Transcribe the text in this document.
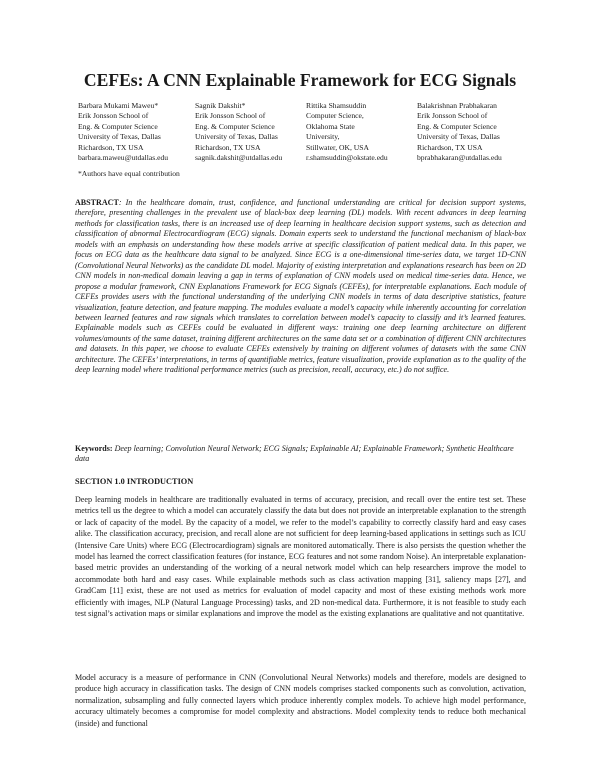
CEFEs: A CNN Explainable Framework for ECG Signals
Barbara Mukami Maweu*
Erik Jonsson School of
Eng. & Computer Science
University of Texas, Dallas
Richardson, TX USA
barbara.maweu@utdallas.edu
Sagnik Dakshit*
Erik Jonsson School of
Eng. & Computer Science
University of Texas, Dallas
Richardson, TX USA
sagnik.dakshit@utdallas.edu
Rittika Shamsuddin
Computer Science,
Oklahoma State
University,
Stillwater, OK, USA
r.shamsuddin@okstate.edu
Balakrishnan Prabhakaran
Erik Jonsson School of
Eng. & Computer Science
University of Texas, Dallas
Richardson, TX USA
bprabhakaran@utdallas.edu
*Authors have equal contribution
ABSTRACT: In the healthcare domain, trust, confidence, and functional understanding are critical for decision support systems, therefore, presenting challenges in the prevalent use of black-box deep learning (DL) models. With recent advances in deep learning methods for classification tasks, there is an increased use of deep learning in healthcare decision support systems, such as detection and classification of abnormal Electrocardiogram (ECG) signals. Domain experts seek to understand the functional mechanism of black-box models with an emphasis on understanding how these models arrive at specific classification of patient medical data. In this paper, we focus on ECG data as the healthcare data signal to be analyzed. Since ECG is a one-dimensional time-series data, we target 1D-CNN (Convolutional Neural Networks) as the candidate DL model. Majority of existing interpretation and explanations research has been on 2D CNN models in non-medical domain leaving a gap in terms of explanation of CNN models used on medical time-series data. Hence, we propose a modular framework, CNN Explanations Framework for ECG Signals (CEFEs), for interpretable explanations. Each module of CEFEs provides users with the functional understanding of the underlying CNN models in terms of data descriptive statistics, feature visualization, feature detection, and feature mapping. The modules evaluate a model’s capacity while inherently accounting for correlation between learned features and raw signals which translates to correlation between model’s capacity to classify and it’s learned features. Explainable models such as CEFEs could be evaluated in different ways: training one deep learning architecture on different volumes/amounts of the same dataset, training different architectures on the same data set or a combination of different CNN architectures and datasets. In this paper, we choose to evaluate CEFEs extensively by training on different volumes of datasets with the same CNN architecture. The CEFEs’ interpretations, in terms of quantifiable metrics, feature visualization, provide explanation as to the quality of the deep learning model where traditional performance metrics (such as precision, recall, accuracy, etc.) do not suffice.
Keywords: Deep learning; Convolution Neural Network; ECG Signals; Explainable AI; Explainable Framework; Synthetic Healthcare data
SECTION 1.0 INTRODUCTION
Deep learning models in healthcare are traditionally evaluated in terms of accuracy, precision, and recall over the entire test set. These metrics tell us the degree to which a model can accurately classify the data but does not provide an interpretable explanation to the strength or lack of capacity of the model. By the capacity of a model, we refer to the model’s capability to correctly classify hard and easy cases alike. The classification accuracy, precision, and recall alone are not sufficient for deep learning-based applications in settings such as ICU (Intensive Care Units) where ECG (Electrocardiogram) signals are monitored automatically. There is also persists the question whether the model has learned the correct classification features (for instance, ECG features and not some random Noise). An interpretable explanation-based metric provides an understanding of the working of a neural network model which can help researchers improve the model to accommodate both hard and easy cases. While explainable methods such as class activation mapping [31], saliency maps [27], and GradCam [11] exist, these are not used as metrics for evaluation of model capacity and most of these existing methods work more efficiently with images, NLP (Natural Language Processing) tasks, and 2D non-medical data. Furthermore, it is not feasible to study each test signal’s activation maps or similar explanations and improve the model as the existing explanations are qualitative and not quantitative.
Model accuracy is a measure of performance in CNN (Convolutional Neural Networks) models and therefore, models are designed to produce high accuracy in classification tasks. The design of CNN models comprises stacked components such as convolution, activation, normalization, subsampling and fully connected layers which produce inherently complex models. To achieve high model performance, accuracy ultimately becomes a compromise for model complexity and abstractions. Model complexity tends to reduce both mechanical (inside) and functional
